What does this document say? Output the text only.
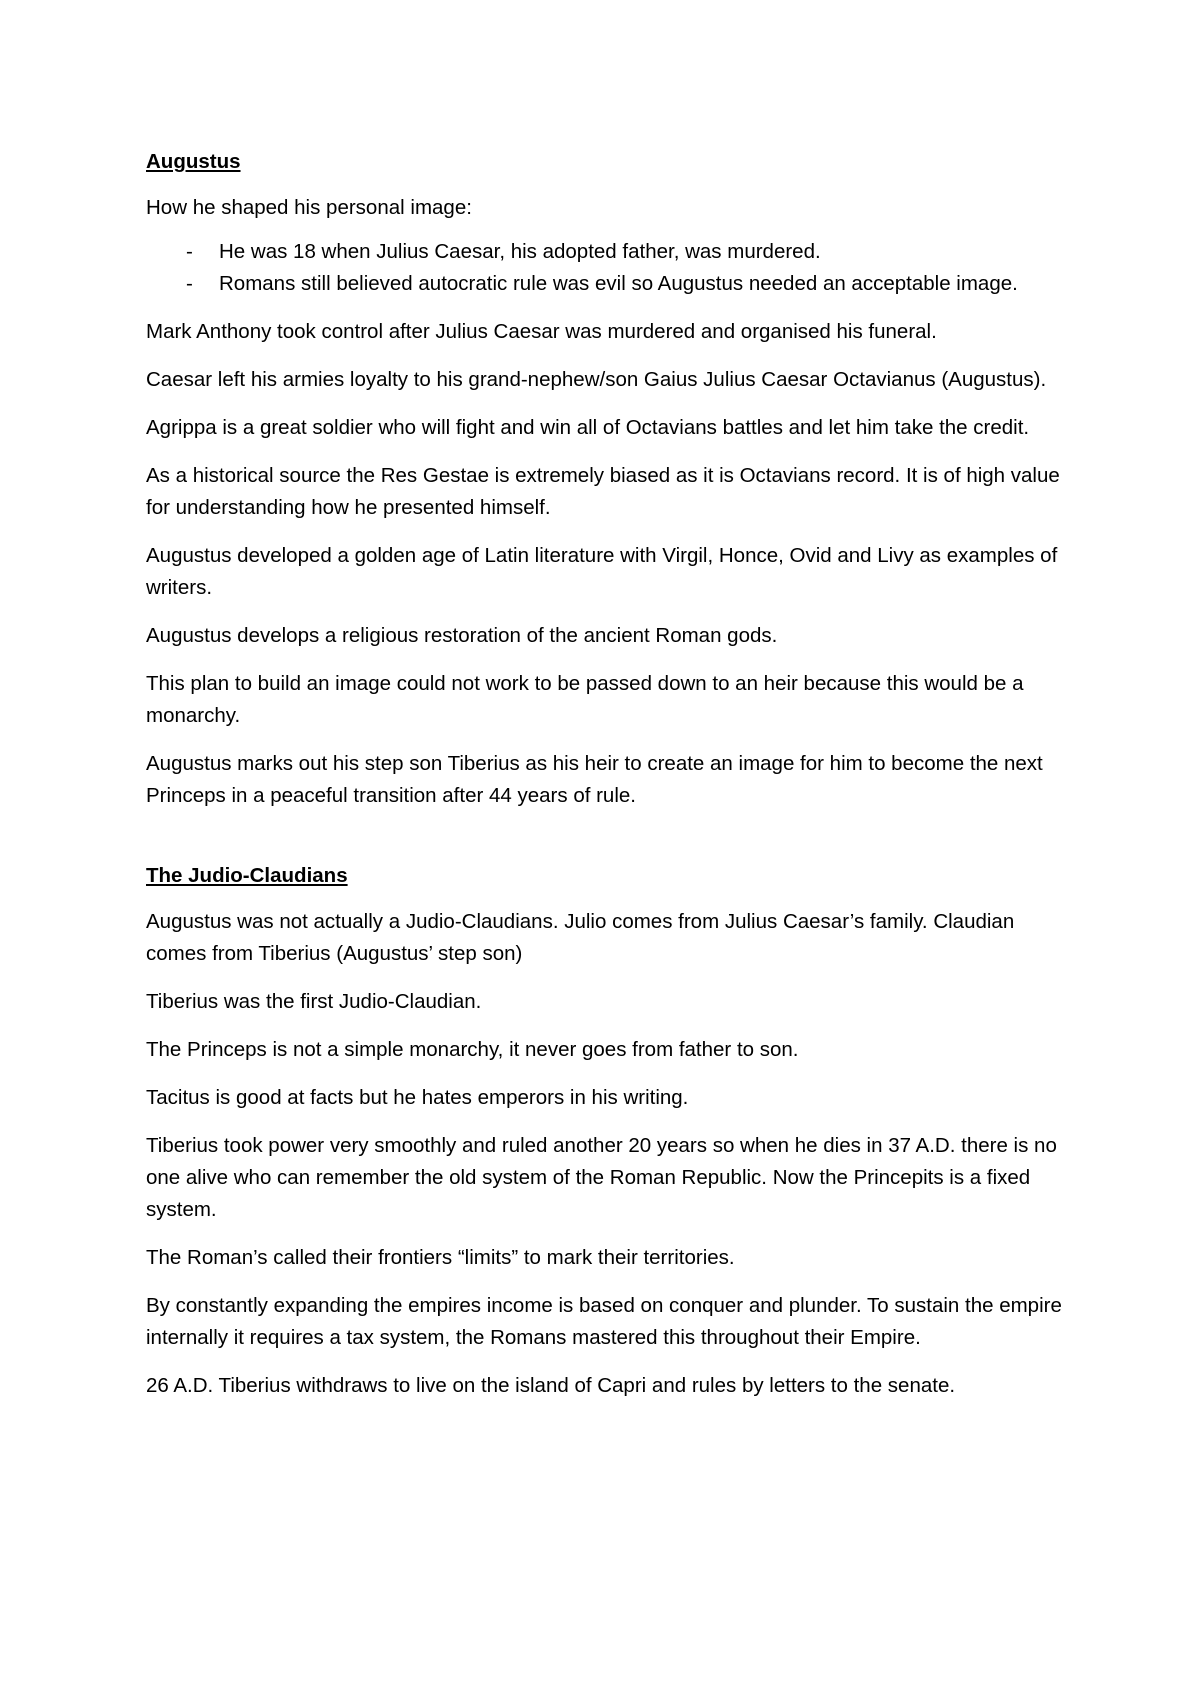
Augustus

How he shaped his personal image:

- He was 18 when Julius Caesar, his adopted father, was murdered.
- Romans still believed autocratic rule was evil so Augustus needed an acceptable image.

Mark Anthony took control after Julius Caesar was murdered and organised his funeral.

Caesar left his armies loyalty to his grand-nephew/son Gaius Julius Caesar Octavianus (Augustus).

Agrippa is a great soldier who will fight and win all of Octavians battles and let him take the credit.

As a historical source the Res Gestae is extremely biased as it is Octavians record. It is of high value for understanding how he presented himself.

Augustus developed a golden age of Latin literature with Virgil, Honce, Ovid and Livy as examples of writers.

Augustus develops a religious restoration of the ancient Roman gods.

This plan to build an image could not work to be passed down to an heir because this would be a monarchy.

Augustus marks out his step son Tiberius as his heir to create an image for him to become the next Princeps in a peaceful transition after 44 years of rule.

The Judio-Claudians

Augustus was not actually a Judio-Claudians. Julio comes from Julius Caesar’s family. Claudian comes from Tiberius (Augustus’ step son)

Tiberius was the first Judio-Claudian.

The Princeps is not a simple monarchy, it never goes from father to son.

Tacitus is good at facts but he hates emperors in his writing.

Tiberius took power very smoothly and ruled another 20 years so when he dies in 37 A.D. there is no one alive who can remember the old system of the Roman Republic. Now the Princepits is a fixed system.

The Roman’s called their frontiers “limits” to mark their territories.

By constantly expanding the empires income is based on conquer and plunder. To sustain the empire internally it requires a tax system, the Romans mastered this throughout their Empire.

26 A.D. Tiberius withdraws to live on the island of Capri and rules by letters to the senate.
